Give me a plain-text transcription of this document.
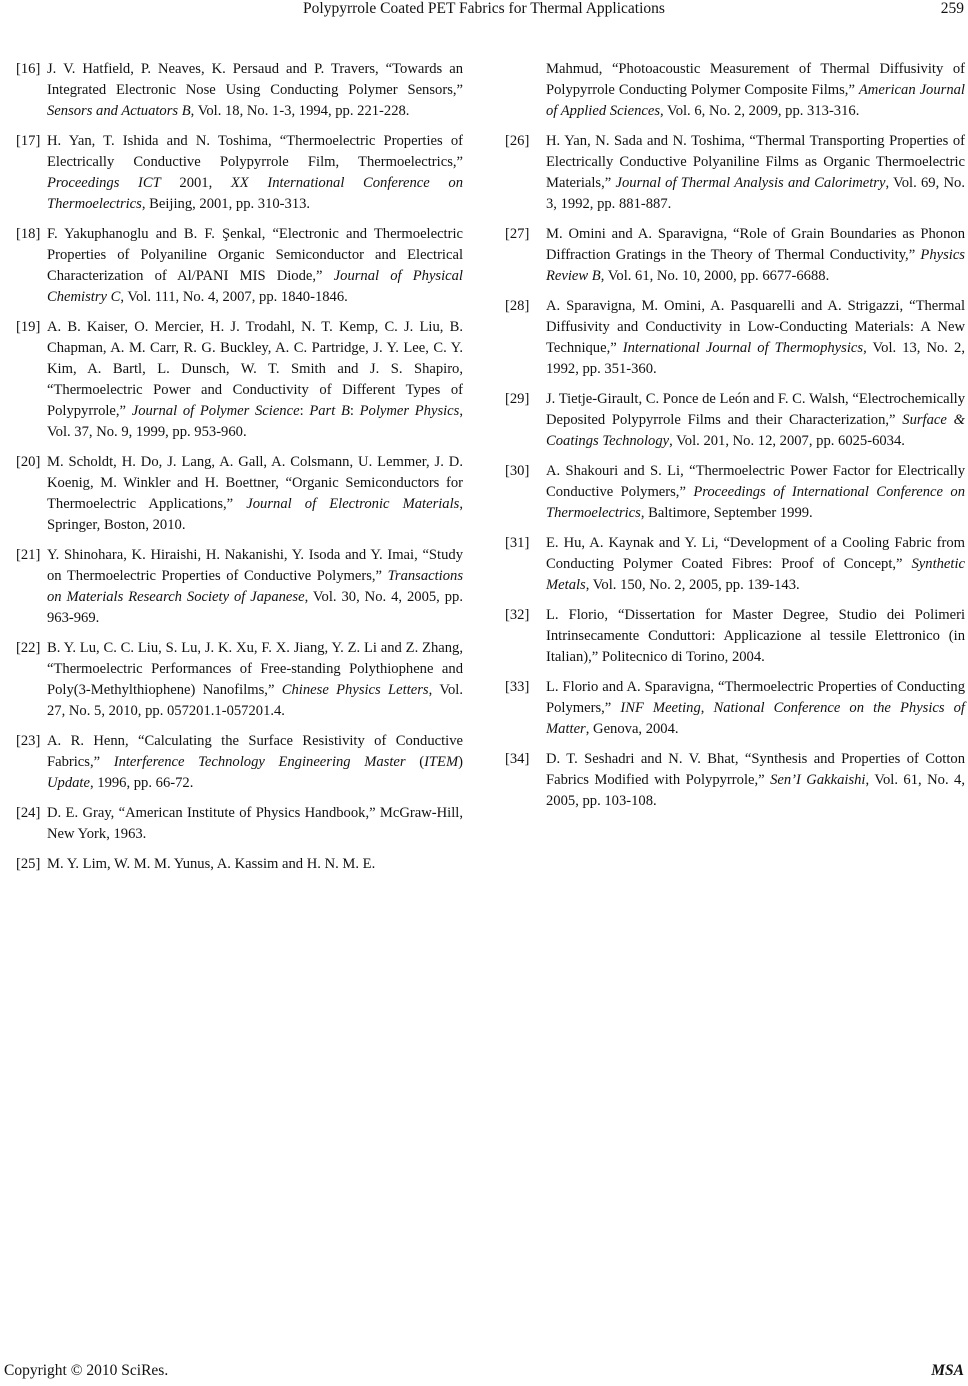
Polypyrrole Coated PET Fabrics for Thermal Applications	259
[16] J. V. Hatfield, P. Neaves, K. Persaud and P. Travers, “Towards an Integrated Electronic Nose Using Conducting Polymer Sensors,” Sensors and Actuators B, Vol. 18, No. 1-3, 1994, pp. 221-228.
[17] H. Yan, T. Ishida and N. Toshima, “Thermoelectric Properties of Electrically Conductive Polypyrrole Film, Thermoelectrics,” Proceedings ICT 2001, XX International Conference on Thermoelectrics, Beijing, 2001, pp. 310-313.
[18] F. Yakuphanoglu and B. F. Şenkal, “Electronic and Thermoelectric Properties of Polyaniline Organic Semiconductor and Electrical Characterization of Al/PANI MIS Diode,” Journal of Physical Chemistry C, Vol. 111, No. 4, 2007, pp. 1840-1846.
[19] A. B. Kaiser, O. Mercier, H. J. Trodahl, N. T. Kemp, C. J. Liu, B. Chapman, A. M. Carr, R. G. Buckley, A. C. Partridge, J. Y. Lee, C. Y. Kim, A. Bartl, L. Dunsch, W. T. Smith and J. S. Shapiro, “Thermoelectric Power and Conductivity of Different Types of Polypyrrole,” Journal of Polymer Science: Part B: Polymer Physics, Vol. 37, No. 9, 1999, pp. 953-960.
[20] M. Scholdt, H. Do, J. Lang, A. Gall, A. Colsmann, U. Lemmer, J. D. Koenig, M. Winkler and H. Boettner, “Organic Semiconductors for Thermoelectric Applications,” Journal of Electronic Materials, Springer, Boston, 2010.
[21] Y. Shinohara, K. Hiraishi, H. Nakanishi, Y. Isoda and Y. Imai, “Study on Thermoelectric Properties of Conductive Polymers,” Transactions on Materials Research Society of Japanese, Vol. 30, No. 4, 2005, pp. 963-969.
[22] B. Y. Lu, C. C. Liu, S. Lu, J. K. Xu, F. X. Jiang, Y. Z. Li and Z. Zhang, “Thermoelectric Performances of Free-standing Polythiophene and Poly(3-Methylthiophene) Nanofilms,” Chinese Physics Letters, Vol. 27, No. 5, 2010, pp. 057201.1-057201.4.
[23] A. R. Henn, “Calculating the Surface Resistivity of Conductive Fabrics,” Interference Technology Engineering Master (ITEM) Update, 1996, pp. 66-72.
[24] D. E. Gray, “American Institute of Physics Handbook,” McGraw-Hill, New York, 1963.
[25] M. Y. Lim, W. M. M. Yunus, A. Kassim and H. N. M. E.
Mahmud, “Photoacoustic Measurement of Thermal Diffusivity of Polypyrrole Conducting Polymer Composite Films,” American Journal of Applied Sciences, Vol. 6, No. 2, 2009, pp. 313-316.
[26] H. Yan, N. Sada and N. Toshima, “Thermal Transporting Properties of Electrically Conductive Polyaniline Films as Organic Thermoelectric Materials,” Journal of Thermal Analysis and Calorimetry, Vol. 69, No. 3, 1992, pp. 881-887.
[27] M. Omini and A. Sparavigna, “Role of Grain Boundaries as Phonon Diffraction Gratings in the Theory of Thermal Conductivity,” Physics Review B, Vol. 61, No. 10, 2000, pp. 6677-6688.
[28] A. Sparavigna, M. Omini, A. Pasquarelli and A. Strigazzi, “Thermal Diffusivity and Conductivity in Low-Conducting Materials: A New Technique,” International Journal of Thermophysics, Vol. 13, No. 2, 1992, pp. 351-360.
[29] J. Tietje-Girault, C. Ponce de León and F. C. Walsh, “Electrochemically Deposited Polypyrrole Films and their Characterization,” Surface & Coatings Technology, Vol. 201, No. 12, 2007, pp. 6025-6034.
[30] A. Shakouri and S. Li, “Thermoelectric Power Factor for Electrically Conductive Polymers,” Proceedings of International Conference on Thermoelectrics, Baltimore, September 1999.
[31] E. Hu, A. Kaynak and Y. Li, “Development of a Cooling Fabric from Conducting Polymer Coated Fibres: Proof of Concept,” Synthetic Metals, Vol. 150, No. 2, 2005, pp. 139-143.
[32] L. Florio, “Dissertation for Master Degree, Studio dei Polimeri Intrinsecamente Conduttori: Applicazione al tessile Elettronico (in Italian),” Politecnico di Torino, 2004.
[33] L. Florio and A. Sparavigna, “Thermoelectric Properties of Conducting Polymers,” INF Meeting, National Conference on the Physics of Matter, Genova, 2004.
[34] D. T. Seshadri and N. V. Bhat, “Synthesis and Properties of Cotton Fabrics Modified with Polypyrrole,” Sen’I Gakkaishi, Vol. 61, No. 4, 2005, pp. 103-108.
Copyright © 2010 SciRes.	MSA
